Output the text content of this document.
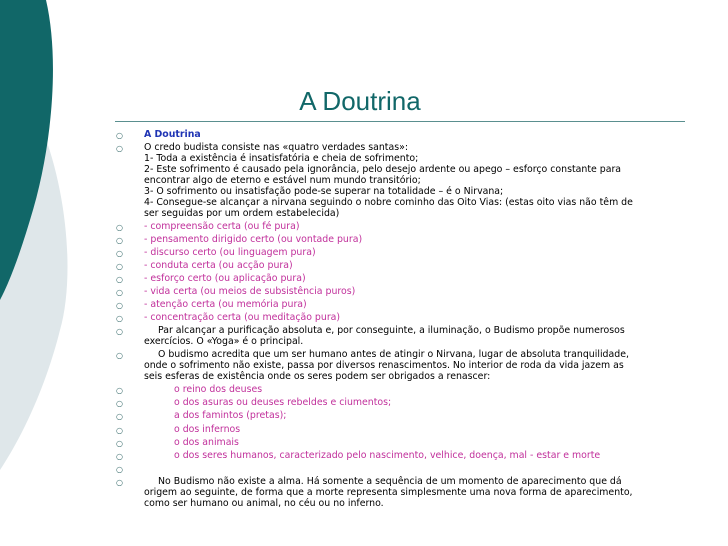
A Doutrina
○ A Doutrina
○ O credo budista consiste nas «quatro verdades santas»:
1- Toda a existência é insatisfatória e cheia de sofrimento;
2- Este sofrimento é causado pela ignorância, pelo desejo ardente ou apego – esforço constante para
encontrar algo de eterno e estável num mundo transitório;
3- O sofrimento ou insatisfação pode-se superar na totalidade – é o Nirvana;
4- Consegue-se alcançar a nirvana seguindo o nobre cominho das Oito Vias: (estas oito vias não têm de
ser seguidas por um ordem estabelecida)
○ - compreensão certa (ou fé pura)
○ - pensamento dirigido certo (ou vontade pura)
○ - discurso certo (ou linguagem pura)
○ - conduta certa (ou acção pura)
○ - esforço certo (ou aplicação pura)
○ - vida certa (ou meios de subsistência puros)
○ - atenção certa (ou memória pura)
○ - concentração certa (ou meditação pura)
○	Par alcançar a purificação absoluta e, por conseguinte, a iluminação, o Budismo propõe numerosos
exercícios. O «Yoga» é o principal.
○	O budismo acredita que um ser humano antes de atingir o Nirvana, lugar de absoluta tranquilidade,
onde o sofrimento não existe, passa por diversos renascimentos. No interior de roda da vida jazem as
seis esferas de existência onde os seres podem ser obrigados a renascer:
○	o reino dos deuses
○	o dos asuras ou deuses rebeldes e ciumentos;
○	a dos famintos (pretas);
○	o dos infernos
○	o dos animais
○	o dos seres humanos, caracterizado pelo nascimento, velhice, doença, mal - estar e morte
○

○	No Budismo não existe a alma. Há somente a sequência de um momento de aparecimento que dá
origem ao seguinte, de forma que a morte representa simplesmente uma nova forma de aparecimento,
como ser humano ou animal, no céu ou no inferno.
